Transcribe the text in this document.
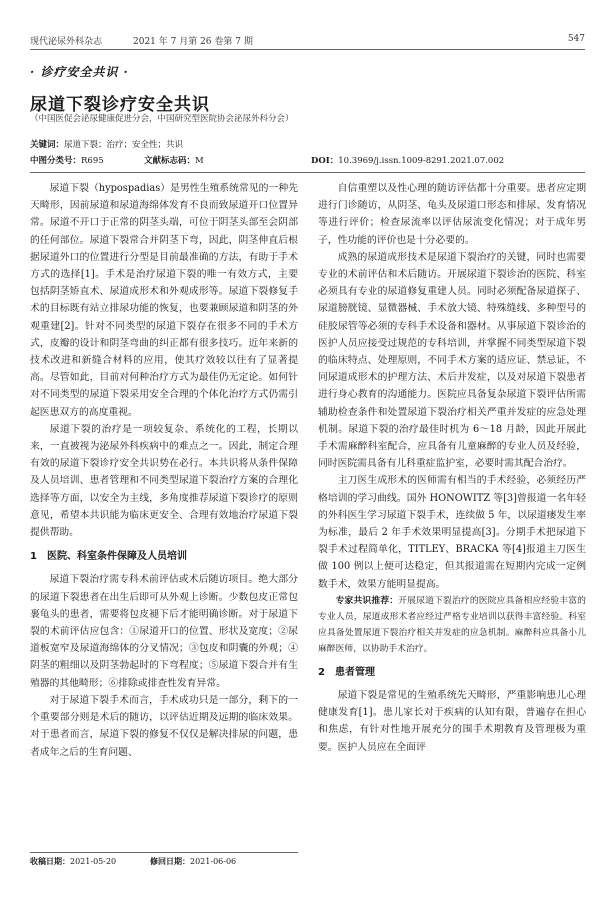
现代泌尿外科杂志	2021 年 7 月第 26 卷第 7 期	547
· 诊疗安全共识 ·
尿道下裂诊疗安全共识
（中国医促会泌尿健康促进分会，中国研究型医院协会泌尿外科分会）
关键词：尿道下裂；治疗；安全性；共识
中图分类号：R695	文献标志码：M	DOI：10.3969/j.issn.1009-8291.2021.07.002

尿道下裂（hypospadias）是男性生殖系统常见的一种先天畸形，因前尿道和尿道海绵体发育不良而致尿道开口位置异常。尿道不开口于正常的阴茎头端，可位于阴茎头部至会阴部的任何部位。尿道下裂常合并阴茎下弯，因此，阴茎伸直后根据尿道外口的位置进行分型是目前最准确的方法，有助于手术方式的选择[1]。手术是治疗尿道下裂的唯一有效方式，主要包括阴茎矫直术、尿道成形术和外观成形等。尿道下裂修复手术的目标既有站立排尿功能的恢复，也要兼顾尿道和阴茎的外观重建[2]。针对不同类型的尿道下裂存在很多不同的手术方式，皮瓣的设计和阴茎弯曲的纠正都有很多技巧。近年来新的技术改进和新缝合材料的应用，使其疗效较以往有了显著提高。尽管如此，目前对何种治疗方式为最佳仍无定论。如何针对不同类型的尿道下裂采用安全合理的个体化治疗方式仍需引起医患双方的高度重视。

尿道下裂的治疗是一项较复杂、系统化的工程，长期以来，一直被视为泌尿外科疾病中的难点之一。因此，制定合理有效的尿道下裂诊疗安全共识势在必行。本共识将从条件保障及人员培训、患者管理和不同类型尿道下裂治疗方案的合理化选择等方面，以安全为主线，多角度推荐尿道下裂诊疗的原则意见，希望本共识能为临床更安全、合理有效地治疗尿道下裂提供帮助。

1　医院、科室条件保障及人员培训

尿道下裂治疗需专科术前评估或术后随访项目。绝大部分的尿道下裂患者在出生后即可从外观上诊断。少数包皮正常包裹龟头的患者，需要将包皮褪下后才能明确诊断。对于尿道下裂的术前评估应包含：①尿道开口的位置、形状及宽度；②尿道板宽窄及尿道海绵体的分叉情况；③包皮和阴囊的外观；④阴茎的粗细以及阴茎勃起时的下弯程度；⑤尿道下裂合并有生殖器的其他畸形；⑥排除或排查性发育异常。

对于尿道下裂手术而言，手术成功只是一部分，剩下的一个重要部分则是术后的随访，以评估近期及远期的临床效果。对于患者而言，尿道下裂的修复不仅仅是解决排尿的问题，患者成年之后的生育问题、

自信重塑以及性心理的随访评估都十分重要。患者应定期进行门诊随访，从阴茎、龟头及尿道口形态和排尿、发育情况等进行评价；检查尿流率以评估尿流变化情况；对于成年男子，性功能的评价也是十分必要的。

成熟的尿道成形技术是尿道下裂治疗的关键，同时也需要专业的术前评估和术后随访。开展尿道下裂诊治的医院、科室必须具有专业的尿道修复重建人员。同时必须配备尿道探子、尿道膀胱镜、显微器械、手术放大镜、特殊缝线、多种型号的硅胶尿管等必须的专科手术设备和器材。从事尿道下裂诊治的医护人员应接受过规范的专科培训，并掌握不同类型尿道下裂的临床特点、处理原则，不同手术方案的适应证、禁忌证，不同尿道成形术的护理方法、术后并发症，以及对尿道下裂患者进行身心教育的沟通能力。医院应具备复杂尿道下裂评估所需辅助检查条件和处置尿道下裂治疗相关严重并发症的应急处理机制。尿道下裂的治疗最佳时机为 6～18 月龄，因此开展此手术需麻醉科室配合，应具备有儿童麻醉的专业人员及经验，同时医院需具备有儿科重症监护室，必要时需其配合治疗。

主刀医生成形术的医师需有相当的手术经验，必须经历严格培训的学习曲线。国外 HONOWITZ 等[3]曾报道一名年轻的外科医生学习尿道下裂手术，连续做 5 年，以尿道瘘发生率为标准，最后 2 年手术效果明显提高[3]。分期手术把尿道下裂手术过程简单化，TITLEY、BRACKA 等[4]报道主刀医生做 100 例以上便可达稳定，但其报道需在短期内完成一定例数手术，效果方能明显提高。

专家共识推荐：开展尿道下裂治疗的医院应具备相应经验丰富的专业人员，尿道成形术者应经过严格专业培训以获得丰富经验。科室应具备处置尿道下裂治疗相关并发症的应急机制。麻醉科应具备小儿麻醉医师，以协助手术治疗。

2　患者管理

尿道下裂是常见的生殖系统先天畸形，严重影响患儿心理健康发育[1]。患儿家长对于疾病的认知有限，普遍存在担心和焦虑，有针对性地开展充分的围手术期教育及管理极为重要。医护人员应在全面评

收稿日期：2021-05-20	修回日期：2021-06-06
